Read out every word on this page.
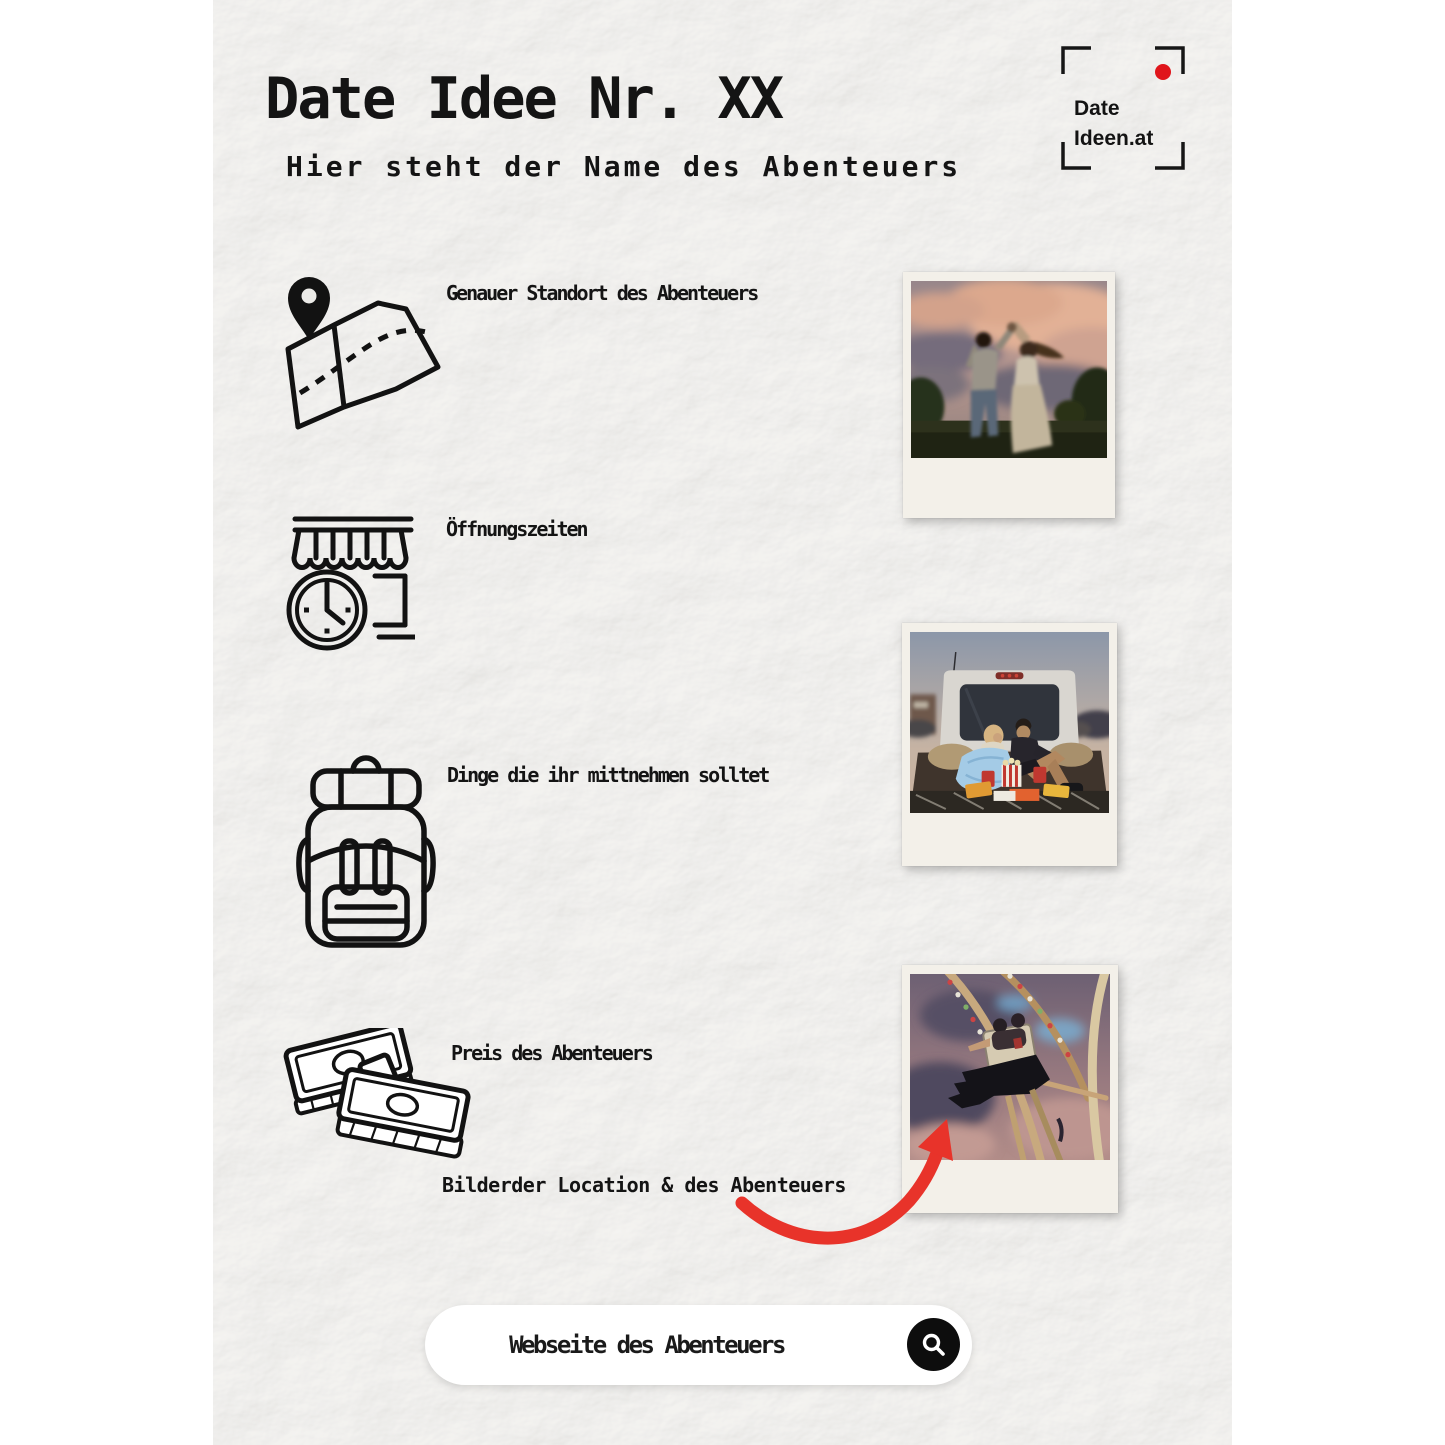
Date Idee Nr. XX
Hier steht der Name des Abenteuers
Date
Ideen.at
Genauer Standort des Abenteuers
Öffnungszeiten
Dinge die ihr mittnehmen solltet
Preis des Abenteuers
Bilderder Location & des Abenteuers
Webseite des Abenteuers
